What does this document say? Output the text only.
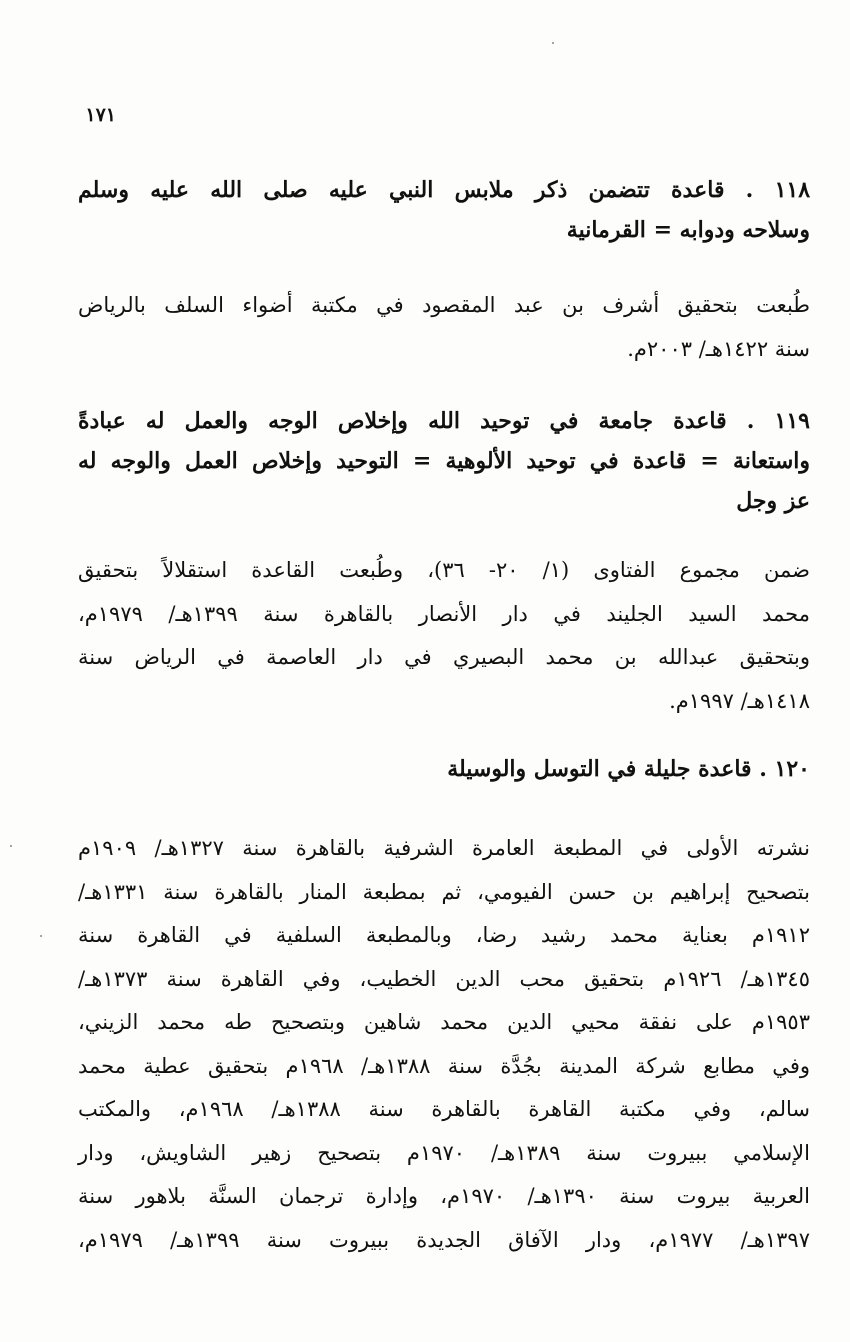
١٧١
١١٨ . قاعدة تتضمن ذكر ملابس النبي عليه صلى الله عليه وسلم
وسلاحه ودوابه = القرمانية
طُبعت بتحقيق أشرف بن عبد المقصود في مكتبة أضواء السلف بالرياض
سنة ١٤٢٢هـ/ ٢٠٠٣م.
١١٩ . قاعدة جامعة في توحيد الله وإخلاص الوجه والعمل له عبادةً
واستعانة = قاعدة في توحيد الألوهية = التوحيد وإخلاص العمل والوجه له
عز وجل
ضمن مجموع الفتاوى (١/ ٢٠- ٣٦)، وطُبعت القاعدة استقلالاً بتحقيق
محمد السيد الجليند في دار الأنصار بالقاهرة سنة ١٣٩٩هـ/ ١٩٧٩م،
وبتحقيق عبدالله بن محمد البصيري في دار العاصمة في الرياض سنة
١٤١٨هـ/ ١٩٩٧م.
١٢٠ . قاعدة جليلة في التوسل والوسيلة
نشرته الأولى في المطبعة العامرة الشرفية بالقاهرة سنة ١٣٢٧هـ/ ١٩٠٩م
بتصحيح إبراهيم بن حسن الفيومي، ثم بمطبعة المنار بالقاهرة سنة ١٣٣١هـ/
١٩١٢م بعناية محمد رشيد رضا، وبالمطبعة السلفية في القاهرة سنة
١٣٤٥هـ/ ١٩٢٦م بتحقيق محب الدين الخطيب، وفي القاهرة سنة ١٣٧٣هـ/
١٩٥٣م على نفقة محيي الدين محمد شاهين وبتصحيح طه محمد الزيني،
وفي مطابع شركة المدينة بجُدَّة سنة ١٣٨٨هـ/ ١٩٦٨م بتحقيق عطية محمد
سالم، وفي مكتبة القاهرة بالقاهرة سنة ١٣٨٨هـ/ ١٩٦٨م، والمكتب
الإسلامي ببيروت سنة ١٣٨٩هـ/ ١٩٧٠م بتصحيح زهير الشاويش، ودار
العربية بيروت سنة ١٣٩٠هـ/ ١٩٧٠م، وإدارة ترجمان السنَّة بلاهور سنة
١٣٩٧هـ/ ١٩٧٧م، ودار الآفاق الجديدة ببيروت سنة ١٣٩٩هـ/ ١٩٧٩م،
